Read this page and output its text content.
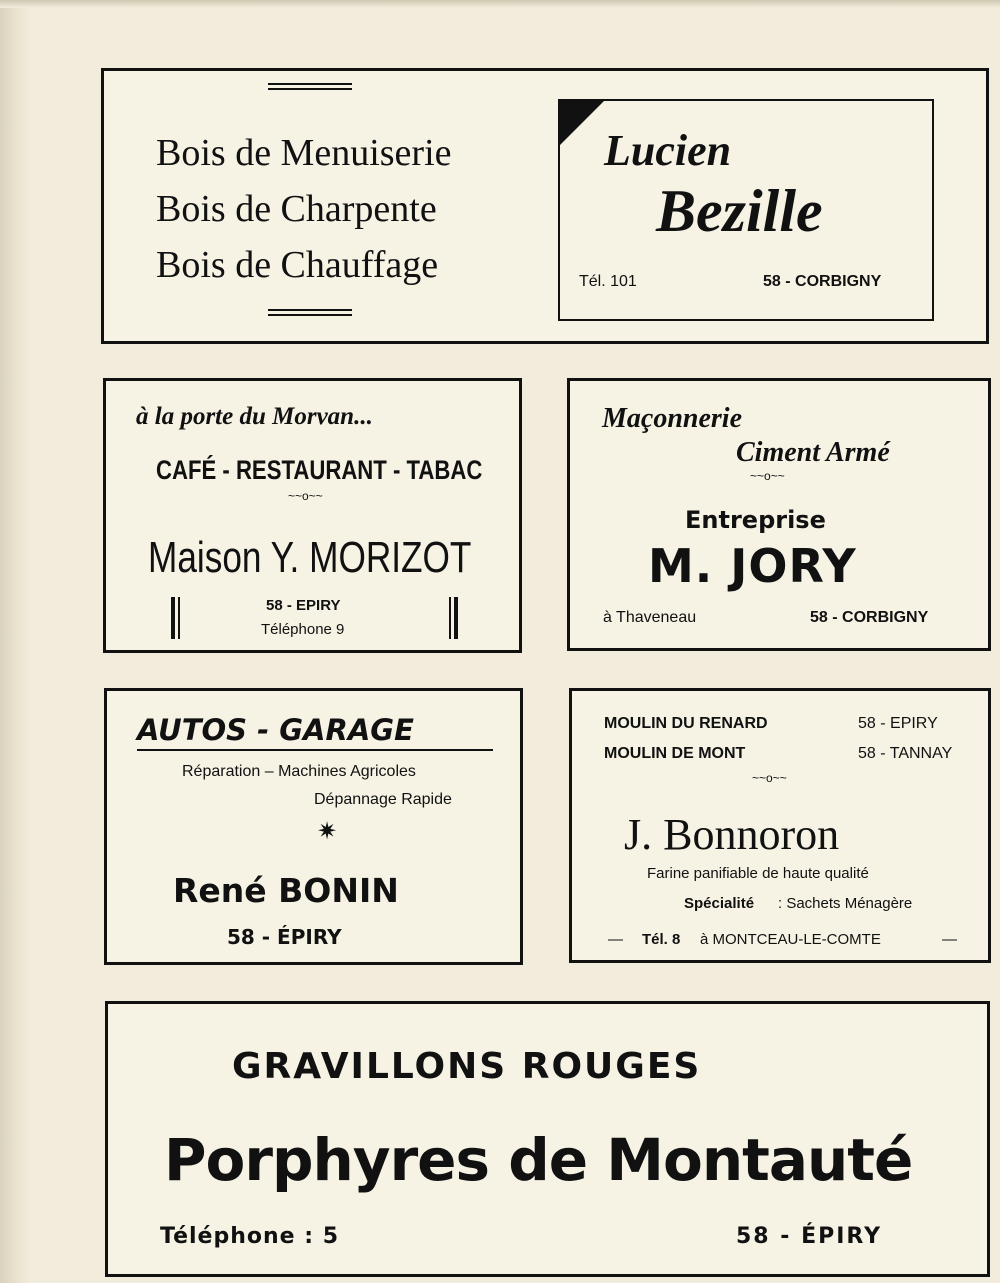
Bois de Menuiserie
Bois de Charpente
Bois de Chauffage
Lucien
Bezille
Tél. 101	58 - CORBIGNY
à la porte du Morvan...
CAFÉ - RESTAURANT - TABAC
~~o~~
Maison Y. MORIZOT
58 - EPIRY
Téléphone 9
Maçonnerie
Ciment Armé
~~o~~
Entreprise
M. JORY
à Thaveneau	58 - CORBIGNY
AUTOS - GARAGE
Réparation – Machines Agricoles
Dépannage Rapide
✷
René BONIN
58 - ÉPIRY
MOULIN DU RENARD	58 - EPIRY
MOULIN DE MONT	58 - TANNAY
~~o~~
J. Bonnoron
Farine panifiable de haute qualité
Spécialité : Sachets Ménagère
— Tél. 8 à MONTCEAU-LE-COMTE	—
GRAVILLONS ROUGES
Porphyres de Montauté
Téléphone : 5	58 - ÉPIRY
